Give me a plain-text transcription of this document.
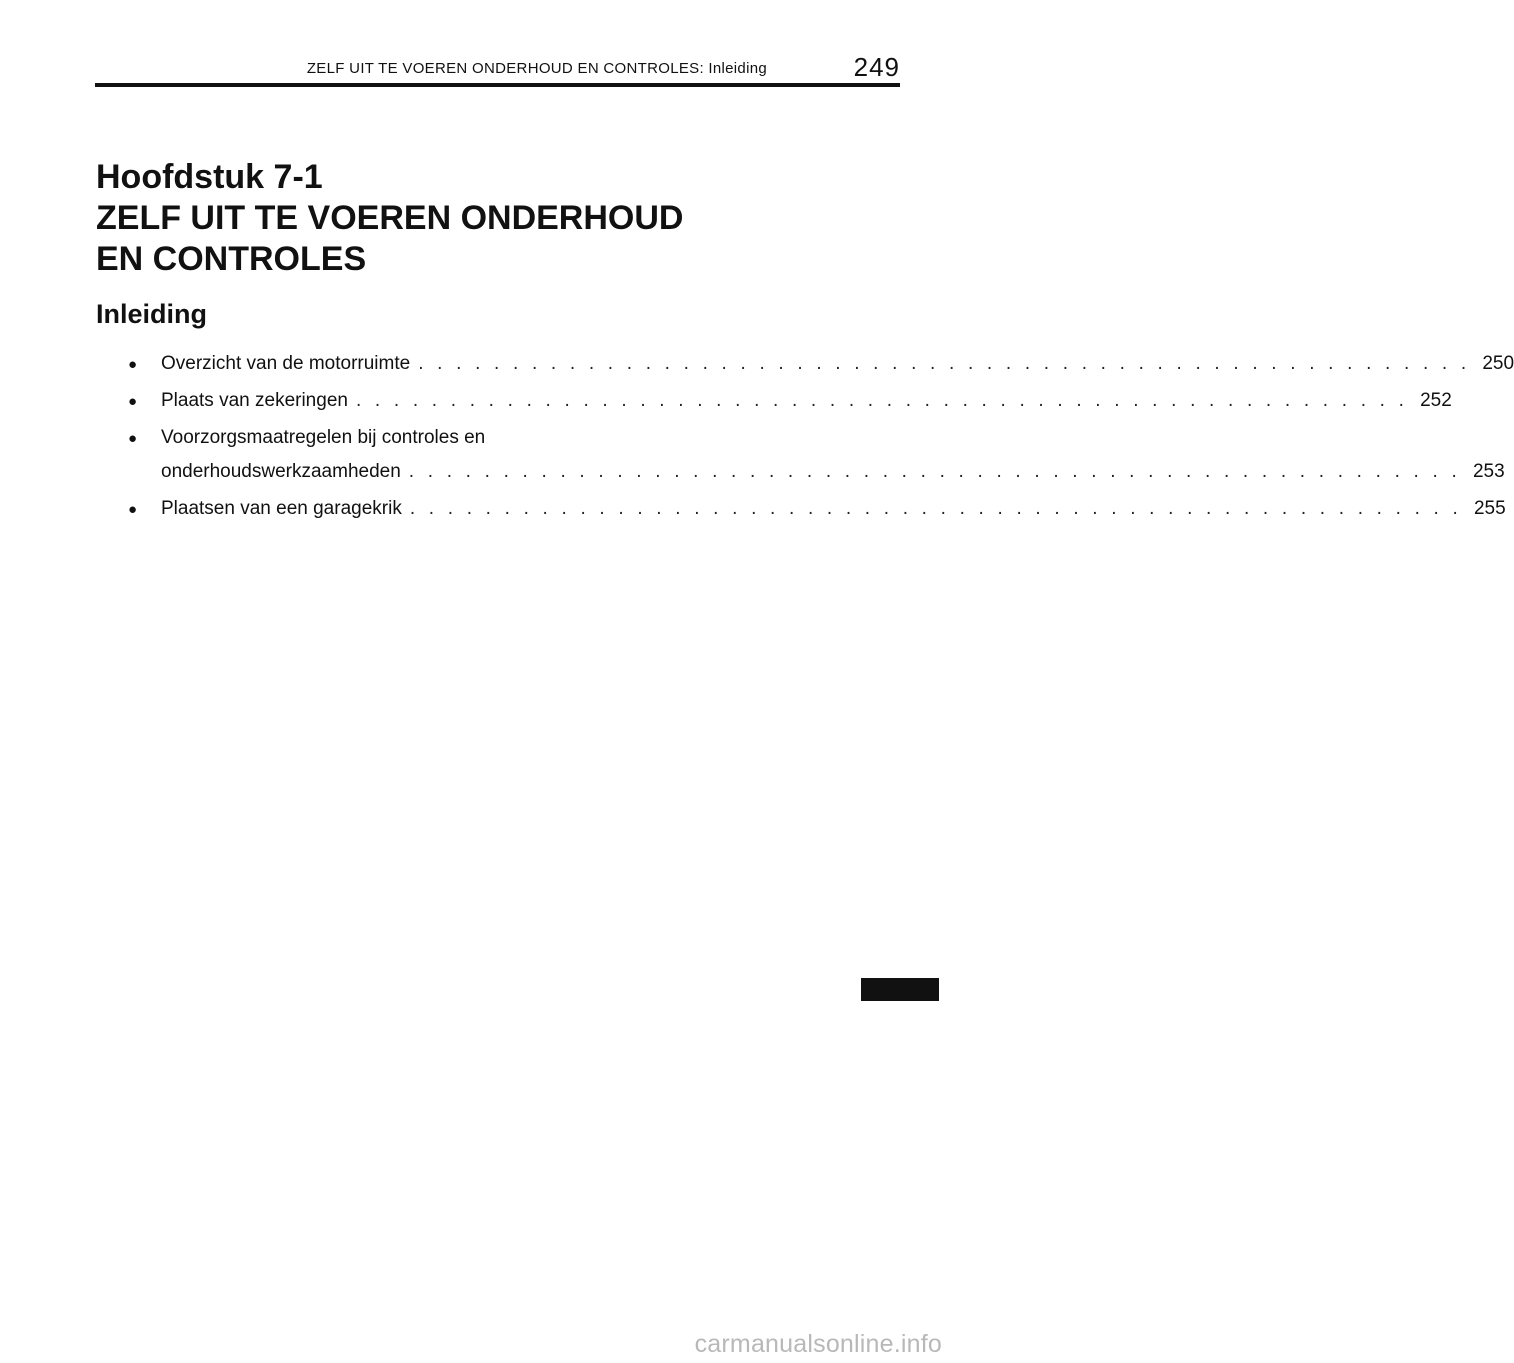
ZELF UIT TE VOEREN ONDERHOUD EN CONTROLES: Inleiding	249
Hoofdstuk 7-1
ZELF UIT TE VOEREN ONDERHOUD
EN CONTROLES
Inleiding
●	Overzicht van de motorruimte . . . . . . . . . . . . . . . . . . . . . . . . . . . . . . . . . . . . . . . . . . . . . . . . . . . . . . . . 250
●	Plaats van zekeringen . . . . . . . . . . . . . . . . . . . . . . . . . . . . . . . . . . . . . . . . . . . . . . . . . . . . . . . . 252
●	Voorzorgsmaatregelen bij controles en
onderhoudswerkzaamheden . . . . . . . . . . . . . . . . . . . . . . . . . . . . . . . . . . . . . . . . . . . . . . . . . . . . . . . . 253
●	Plaatsen van een garagekrik . . . . . . . . . . . . . . . . . . . . . . . . . . . . . . . . . . . . . . . . . . . . . . . . . . . . . . . . 255
carmanualsonline.info
